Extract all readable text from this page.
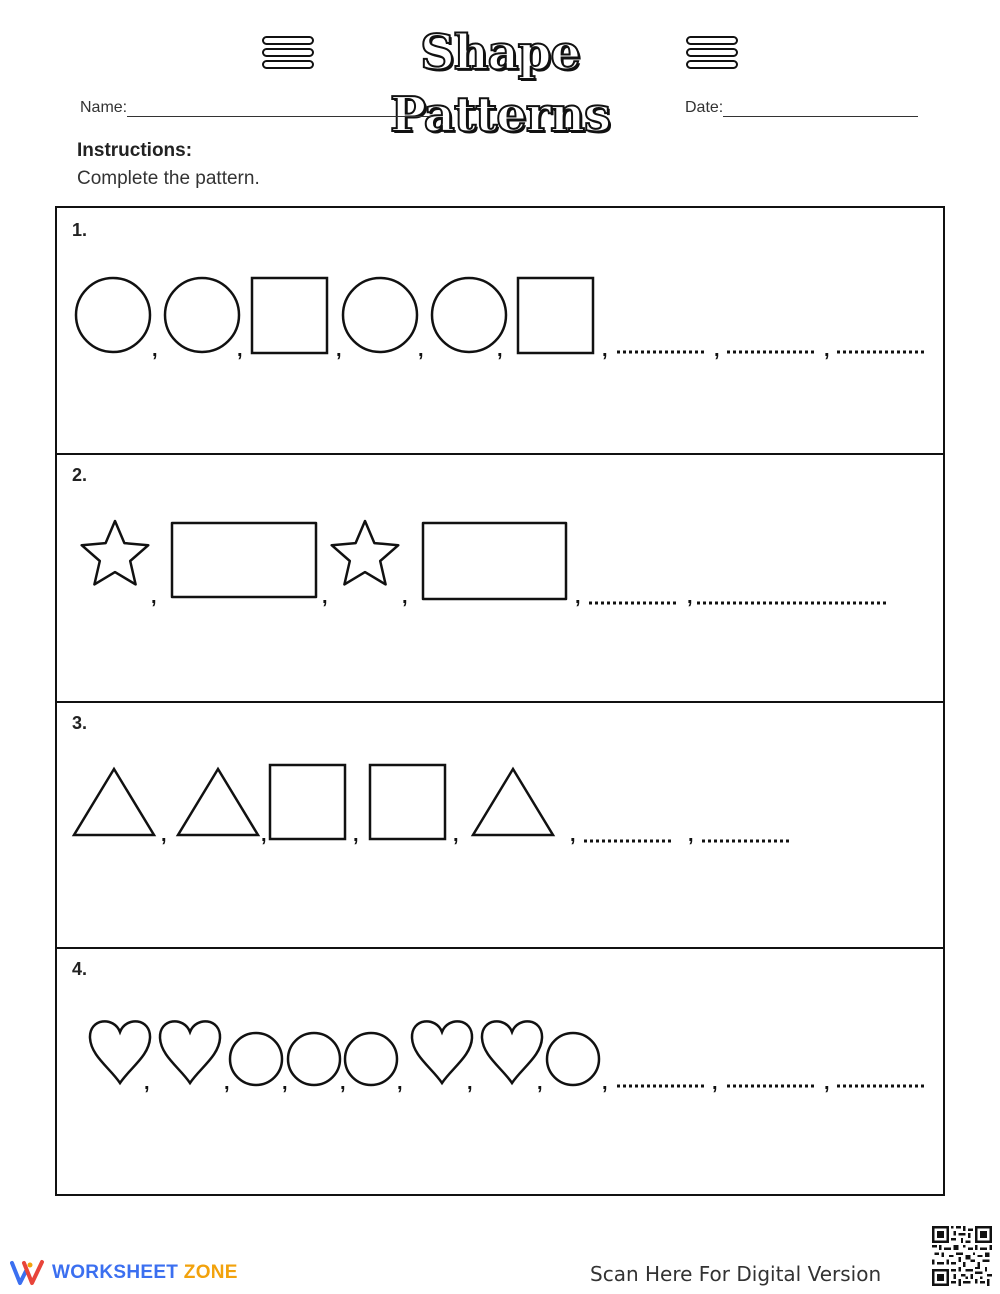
Shape Patterns
Name:	Date:
Instructions:
Complete the pattern.
1.
,	,	,	,	,	,	,	,
2.
,	,	,	,	,
3.
,	,	,	,	,	,
4.
,	,	,	,	,	,	,	,	,	,
WORKSHEET ZONE	Scan Here For Digital Version
